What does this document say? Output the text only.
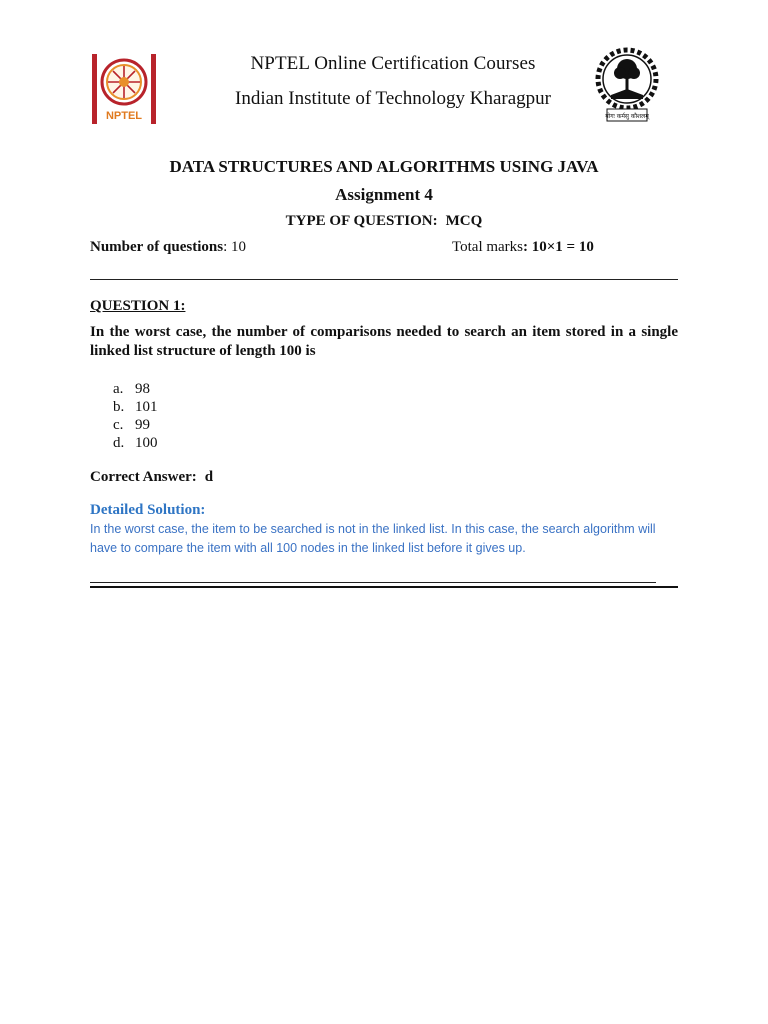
NPTEL
NPTEL Online Certification Courses
Indian Institute of Technology Kharagpur
योगः कर्मसु कौशलम्
DATA STRUCTURES AND ALGORITHMS USING JAVA
Assignment 4
TYPE OF QUESTION: MCQ
Number of questions: 10	Total marks: 10×1 = 10
QUESTION 1:
In the worst case, the number of comparisons needed to search an item stored in a single linked list structure of length 100 is
a. 98
b. 101
c. 99
d. 100
Correct Answer: d
Detailed Solution:
In the worst case, the item to be searched is not in the linked list. In this case, the search algorithm will have to compare the item with all 100 nodes in the linked list before it gives up.
